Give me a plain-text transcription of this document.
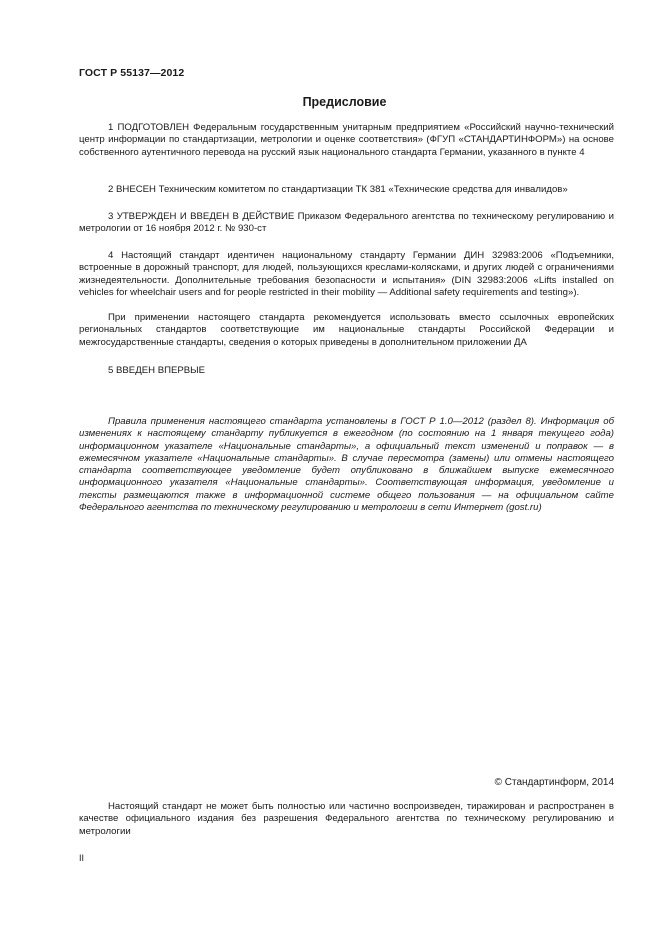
ГОСТ Р 55137—2012
Предисловие

1 ПОДГОТОВЛЕН Федеральным государственным унитарным предприятием «Российский научно-технический центр информации по стандартизации, метрологии и оценке соответствия» (ФГУП «СТАНДАРТИНФОРМ») на основе собственного аутентичного перевода на русский язык национального стандарта Германии, указанного в пункте 4

2 ВНЕСЕН Техническим комитетом по стандартизации ТК 381 «Технические средства для инвалидов»

3 УТВЕРЖДЕН И ВВЕДЕН В ДЕЙСТВИЕ Приказом Федерального агентства по техническому регулированию и метрологии от 16 ноября 2012 г. № 930-ст

4 Настоящий стандарт идентичен национальному стандарту Германии ДИН 32983:2006 «Подъемники, встроенные в дорожный транспорт, для людей, пользующихся креслами-колясками, и других людей с ограничениями жизнедеятельности. Дополнительные требования безопасности и испытания» (DIN 32983:2006 «Lifts installed on vehicles for wheelchair users and for people restricted in their mobility — Additional safety requirements and testing»).

При применении настоящего стандарта рекомендуется использовать вместо ссылочных европейских региональных стандартов соответствующие им национальные стандарты Российской Федерации и межгосударственные стандарты, сведения о которых приведены в дополнительном приложении ДА

5 ВВЕДЕН ВПЕРВЫЕ

Правила применения настоящего стандарта установлены в ГОСТ Р 1.0—2012 (раздел 8). Информация об изменениях к настоящему стандарту публикуется в ежегодном (по состоянию на 1 января текущего года) информационном указателе «Национальные стандарты», а официальный текст изменений и поправок — в ежемесячном указателе «Национальные стандарты». В случае пересмотра (замены) или отмены настоящего стандарта соответствующее уведомление будет опубликовано в ближайшем выпуске ежемесячного информационного указателя «Национальные стандарты». Соответствующая информация, уведомление и тексты размещаются также в информационной системе общего пользования — на официальном сайте Федерального агентства по техническому регулированию и метрологии в сети Интернет (gost.ru)

© Стандартинформ, 2014

Настоящий стандарт не может быть полностью или частично воспроизведен, тиражирован и распространен в качестве официального издания без разрешения Федерального агентства по техническому регулированию и метрологии

II
